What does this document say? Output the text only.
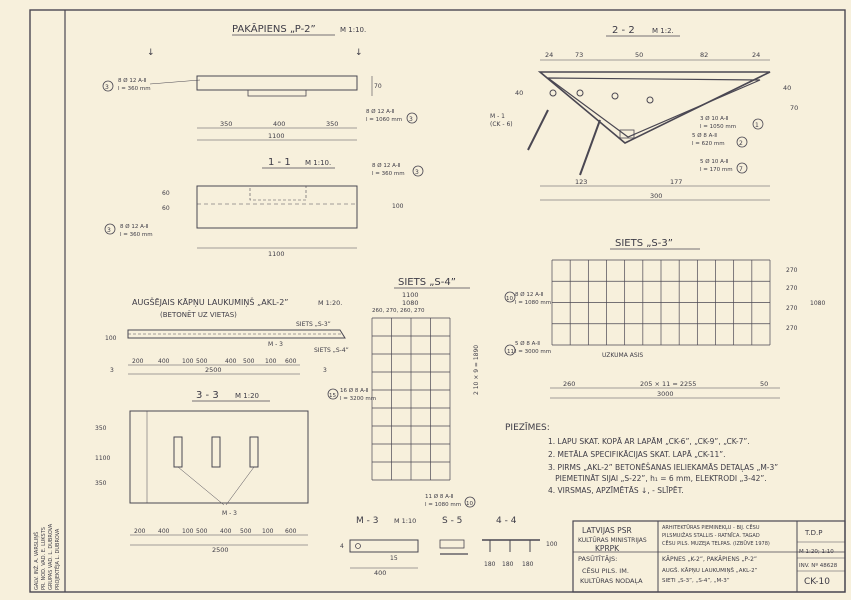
GALV. INŽ. A. VARSLIŅŠ PR. NOD. VAD. E. LUKSTS GRUPAS VAD. L. DUBROVA PROJEKTĒJA L. DUBROVA
PAKĀPIENS „P-2”	M 1:10.
↓	↓
70
350	400	350
1100
3
8 Ø 12 A-Ⅱ
l = 360 mm
8 Ø 12 A-Ⅱ
l = 1060 mm 3
1 - 1 M 1:10.
60
60	100
8 Ø 12 A-Ⅱ
l = 360 mm 3
3 8 Ø 12 A-Ⅱ
l = 360 mm
1100
2 - 2 M 1:2.
24	73	50	82	24
40
70
40
123	177
300
M - 1
(CK - 6)
3 Ø 10 A-Ⅱ
l = 1050 mm	1
5 Ø 8 A-Ⅱ
l = 620 mm 2
5 Ø 10 A-Ⅱ
l = 170 mm 7
SIETS „S-3”
270
270
270
270
1080
8 Ø 12 A-Ⅱ
l = 1080 mm
10
5 Ø 8 A-Ⅱ
l = 3000 mm
11	UZKUMA ASIS
260	205 × 11 = 2255	50
3000
SIETS „S-4”
1100
1080
260, 270, 260, 270
2 10 × 9 = 1890
15
16 Ø 8 A-Ⅱ
l = 3200 mm
11 Ø 8 A-Ⅱ
l = 1080 mm 10
AUGŠĒJAIS KĀPŅU LAUKUMIŅŠ „AKL-2”	M 1:20.
(BETONĒT UZ VIETAS)
SIETS „S-3”
SIETS „S-4”
M - 3
100
200 400 100 500	400 500 100 600
2500
3	3
3 - 3 M 1:20
M - 3
350
1100
350
200 400 100 500 400 500 100 600
2500
M - 3 M 1:10
4
15
400
S - 5	4 - 4
180 180 180
100
PIEZĪMES:
1. LAPU SKAT. KOPĀ AR LAPĀM „CK-6”, „CK-9”, „CK-7”.
2. METĀLA SPECIFIKĀCIJAS SKAT. LAPĀ „CK-11”.
3. PIRMS „AKL-2” BETONĒŠANAS IELIEKAMĀS DETAĻAS „M-3”
PIEMETINĀT SIJAI „S-22”, h₁ = 6 mm, ELEKTRODI „3-42”.
4. VIRSMAS, APZĪMĒTĀS ↓, - SLĪPĒT.
LATVIJAS PSR
KULTŪRAS MINISTRIJAS
KPRPK
PASŪTĪTĀJS:
CĒSU PILS. IM.
KULTŪRAS NODAĻA
ARHITEKTŪRAS PIEMINEKĻU - BIJ. CĒSU
PILSMUIŽAS STALLIS - RATNĪCA. TAGAD
CĒSU PILS. MUZEJA TELPAS. (IZBŪVE 1978)
KĀPNES „K-2”, PAKĀPIENS „P-2”
AUGŠ. KĀPŅU LAUKUMIŅŠ „AKL-2”
SIETI „S-3”, „S-4”, „M-3”
T.D.P
M 1:20; 1:10
INV. Nº 48628
CK-10
